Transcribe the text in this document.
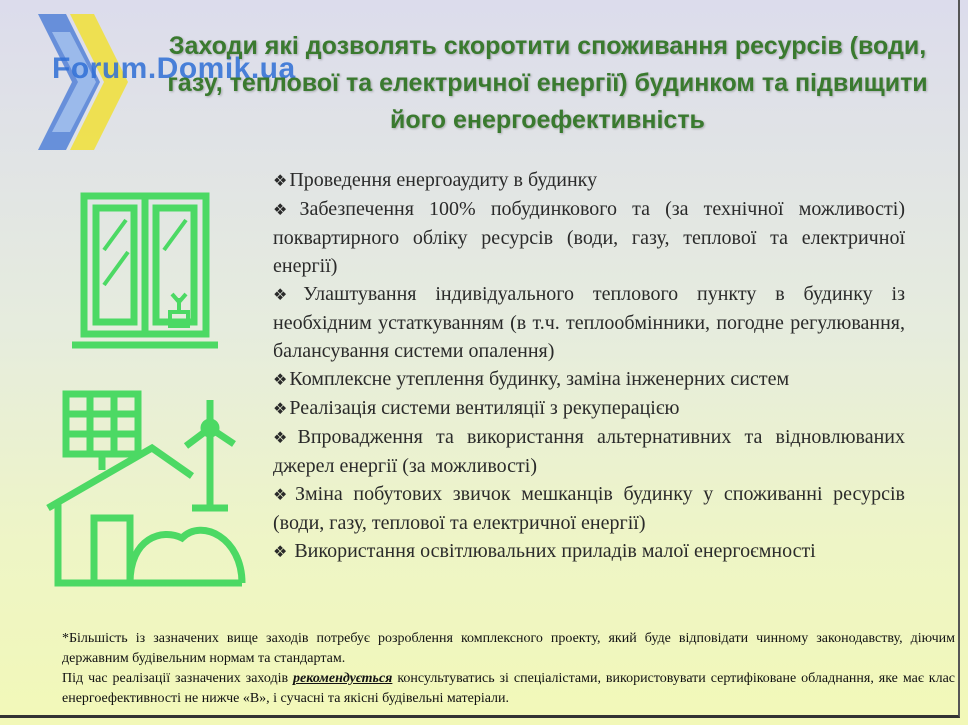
Forum.Domik.ua
Заходи які дозволять скоротити споживання ресурсів (води, газу, теплової та електричної енергії) будинком та підвищити його енергоефективність
❖ Проведення енергоаудиту в будинку
❖ Забезпечення 100% побудинкового та (за технічної можливості) поквартирного обліку ресурсів (води, газу, теплової та електричної енергії)
❖ Улаштування індивідуального теплового пункту в будинку із необхідним устаткуванням (в т.ч. теплообмінники, погодне регулювання, балансування системи опалення)
❖ Комплексне утеплення будинку, заміна інженерних систем
❖ Реалізація системи вентиляції з рекуперацією
❖ Впровадження та використання альтернативних та відновлюваних джерел енергії (за можливості)
❖ Зміна побутових звичок мешканців будинку у споживанні ресурсів (води, газу, теплової та електричної енергії)
❖ Використання освітлювальних приладів малої енергоємності

*Більшість із зазначених вище заходів потребує розроблення комплексного проекту, який буде відповідати чинному законодавству, діючим державним будівельним нормам та стандартам.

Під час реалізації зазначених заходів рекомендується консультуватись зі спеціалістами, використовувати сертифіковане обладнання, яке має клас енергоефективності не нижче «В», і сучасні та якісні будівельні матеріали.
